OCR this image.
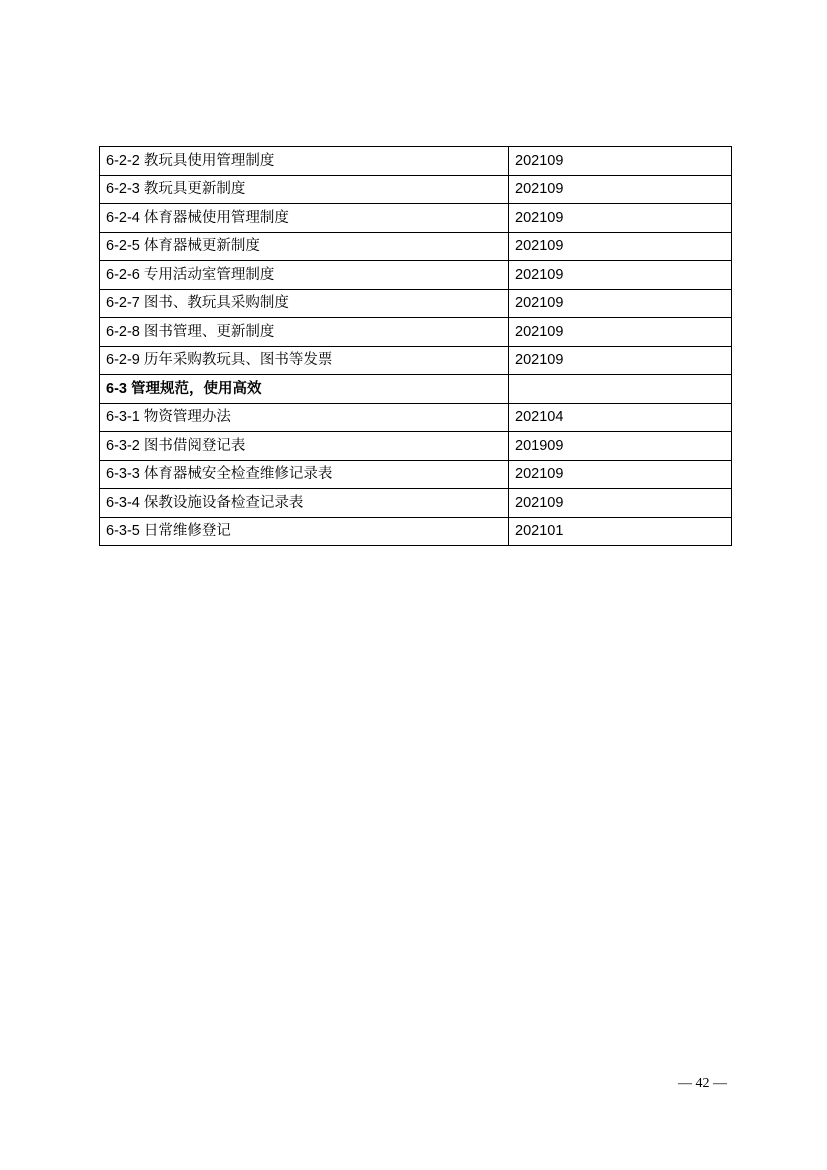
6-2-2 教玩具使用管理制度	202109
6-2-3 教玩具更新制度	202109
6-2-4 体育器械使用管理制度	202109
6-2-5 体育器械更新制度	202109
6-2-6 专用活动室管理制度	202109
6-2-7 图书、教玩具采购制度	202109
6-2-8 图书管理、更新制度	202109
6-2-9 历年采购教玩具、图书等发票	202109
6-3 管理规范，使用高效	
6-3-1 物资管理办法	202104
6-3-2 图书借阅登记表	201909
6-3-3 体育器械安全检查维修记录表	202109
6-3-4 保教设施设备检查记录表	202109
6-3-5 日常维修登记	202101
— 42 —
